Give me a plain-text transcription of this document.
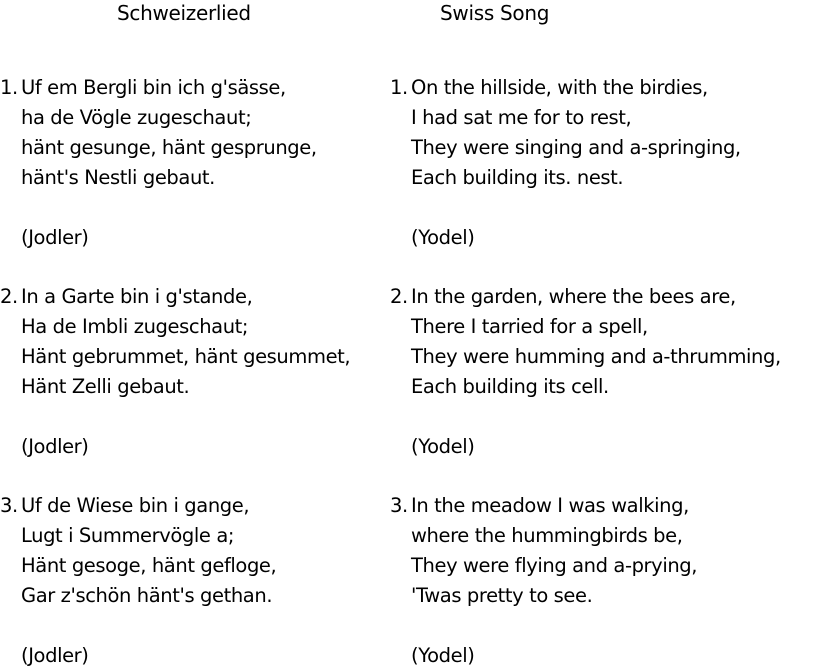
Schweizerlied	Swiss Song
1. Uf em Bergli bin ich g'sässe,
ha de Vögle zugeschaut;
hänt gesunge, hänt gesprunge,
hänt's Nestli gebaut.
(Jodler)
2. In a Garte bin i g'stande,
Ha de Imbli zugeschaut;
Hänt gebrummet, hänt gesummet,
Hänt Zelli gebaut.
(Jodler)
3. Uf de Wiese bin i gange,
Lugt i Summervögle a;
Hänt gesoge, hänt gefloge,
Gar z'schön hänt's gethan.
(Jodler)
1. On the hillside, with the birdies,
I had sat me for to rest,
They were singing and a-springing,
Each building its. nest.
(Yodel)
2. In the garden, where the bees are,
There I tarried for a spell,
They were humming and a-thrumming,
Each building its cell.
(Yodel)
3. In the meadow I was walking,
where the hummingbirds be,
They were flying and a-prying,
'Twas pretty to see.
(Yodel)
